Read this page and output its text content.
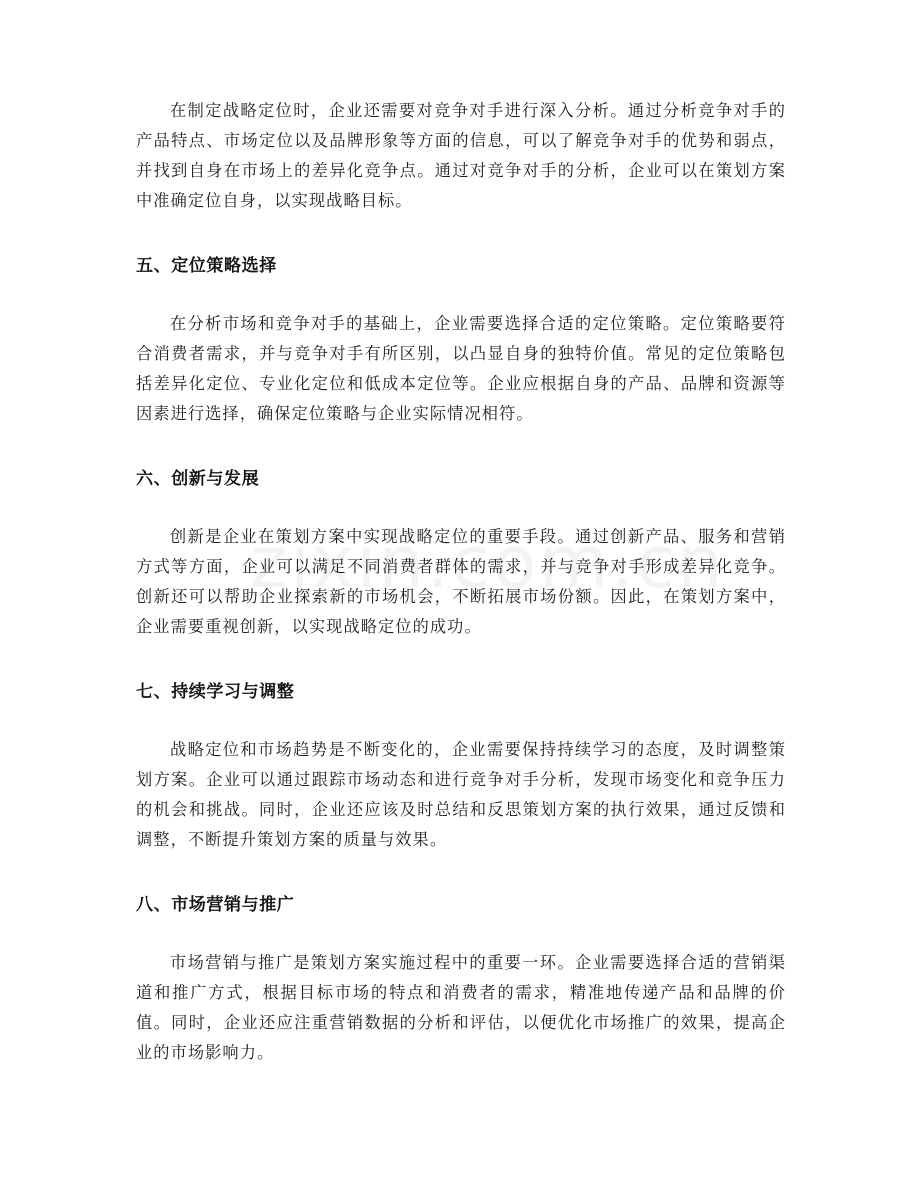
在制定战略定位时，企业还需要对竞争对手进行深入分析。通过分析竞争对手的产品特点、市场定位以及品牌形象等方面的信息，可以了解竞争对手的优势和弱点，并找到自身在市场上的差异化竞争点。通过对竞争对手的分析，企业可以在策划方案中准确定位自身，以实现战略目标。

五、定位策略选择

在分析市场和竞争对手的基础上，企业需要选择合适的定位策略。定位策略要符合消费者需求，并与竞争对手有所区别，以凸显自身的独特价值。常见的定位策略包括差异化定位、专业化定位和低成本定位等。企业应根据自身的产品、品牌和资源等因素进行选择，确保定位策略与企业实际情况相符。

六、创新与发展

创新是企业在策划方案中实现战略定位的重要手段。通过创新产品、服务和营销方式等方面，企业可以满足不同消费者群体的需求，并与竞争对手形成差异化竞争。创新还可以帮助企业探索新的市场机会，不断拓展市场份额。因此，在策划方案中，企业需要重视创新，以实现战略定位的成功。

七、持续学习与调整

战略定位和市场趋势是不断变化的，企业需要保持持续学习的态度，及时调整策划方案。企业可以通过跟踪市场动态和进行竞争对手分析，发现市场变化和竞争压力的机会和挑战。同时，企业还应该及时总结和反思策划方案的执行效果，通过反馈和调整，不断提升策划方案的质量与效果。

八、市场营销与推广

市场营销与推广是策划方案实施过程中的重要一环。企业需要选择合适的营销渠道和推广方式，根据目标市场的特点和消费者的需求，精准地传递产品和品牌的价值。同时，企业还应注重营销数据的分析和评估，以便优化市场推广的效果，提高企业的市场影响力。
